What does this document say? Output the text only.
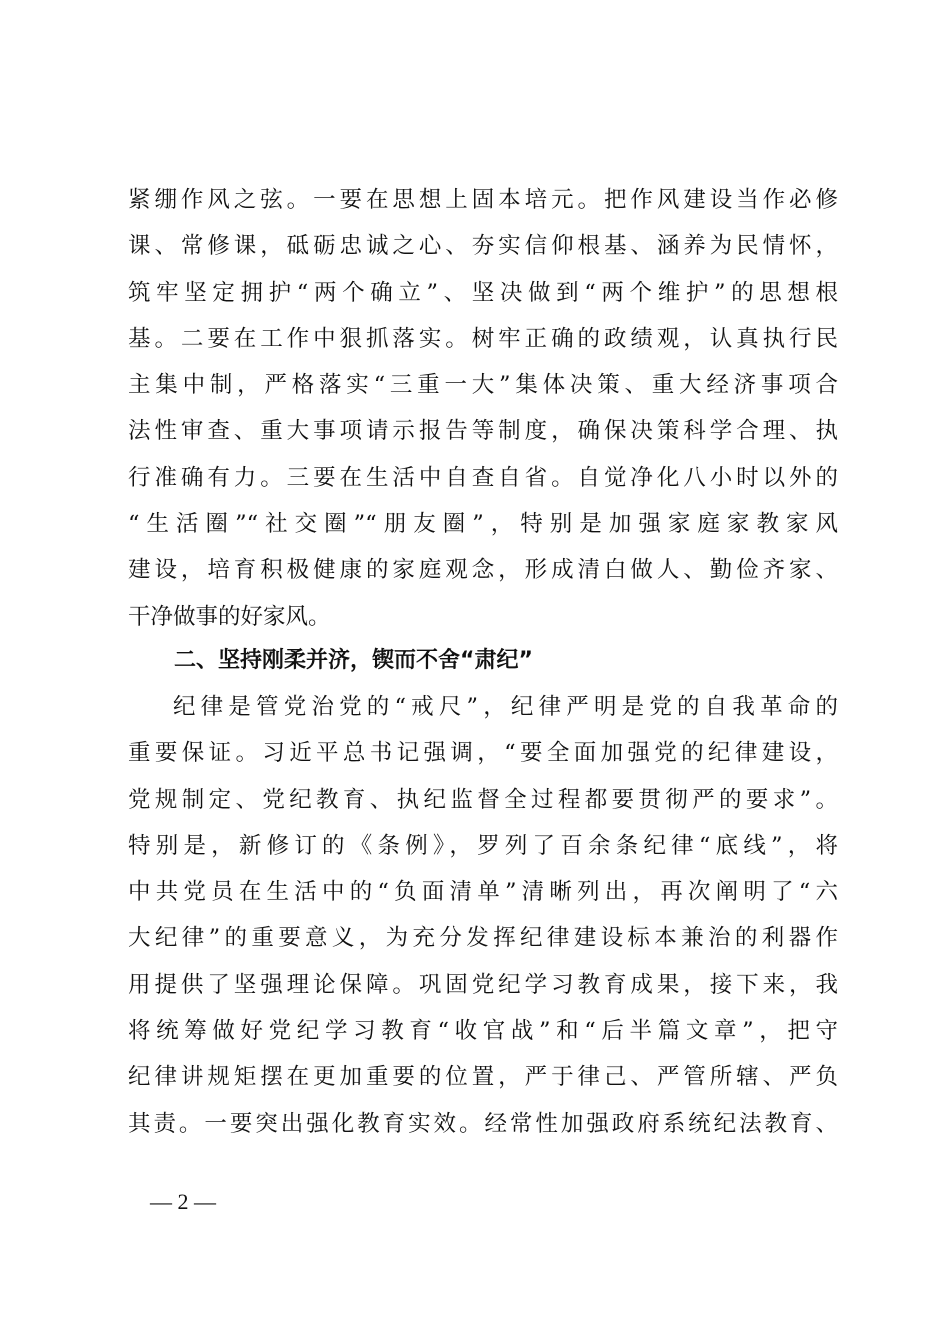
紧绷作风之弦。一要在思想上固本培元。把作风建设当作必修
课、常修课，砥砺忠诚之心、夯实信仰根基、涵养为民情怀，
筑牢坚定拥护“两个确立”、坚决做到“两个维护”的思想根
基。二要在工作中狠抓落实。树牢正确的政绩观，认真执行民
主集中制，严格落实“三重一大”集体决策、重大经济事项合
法性审查、重大事项请示报告等制度，确保决策科学合理、执
行准确有力。三要在生活中自查自省。自觉净化八小时以外的
“生活圈”“社交圈”“朋友圈”，特别是加强家庭家教家风
建设，培育积极健康的家庭观念，形成清白做人、勤俭齐家、
干净做事的好家风。
二、坚持刚柔并济，锲而不舍“肃纪”
纪律是管党治党的“戒尺”，纪律严明是党的自我革命的
重要保证。习近平总书记强调，“要全面加强党的纪律建设，
党规制定、党纪教育、执纪监督全过程都要贯彻严的要求”。
特别是，新修订的《条例》，罗列了百余条纪律“底线”，将
中共党员在生活中的“负面清单”清晰列出，再次阐明了“六
大纪律”的重要意义，为充分发挥纪律建设标本兼治的利器作
用提供了坚强理论保障。巩固党纪学习教育成果，接下来，我
将统筹做好党纪学习教育“收官战”和“后半篇文章”，把守
纪律讲规矩摆在更加重要的位置，严于律己、严管所辖、严负
其责。一要突出强化教育实效。经常性加强政府系统纪法教育、
— 2 —
